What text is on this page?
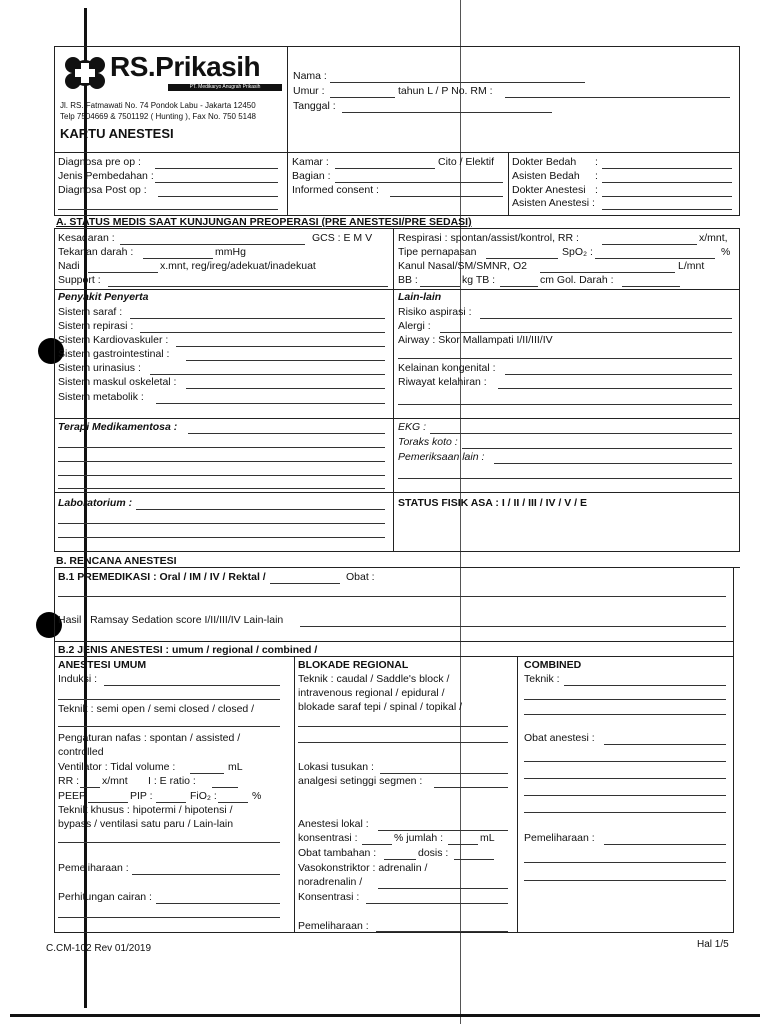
RS.Prikasih
PT. Medikaryo Anugrah Prikasih
Jl. RS. Fatmawati No. 74 Pondok Labu - Jakarta 12450
Telp 7504669 & 7501192 ( Hunting ), Fax No. 750 5148
KARTU ANESTESI
Nama :
Umur :	tahun L / P No. RM :
Tanggal :
Diagnosa pre op :
Jenis Pembedahan :
Diagnosa Post op :
Kamar :	Cito / Elektif
Bagian :
Informed consent :
Dokter Bedah :
Asisten Bedah :
Dokter Anestesi :
Asisten Anestesi :
A. STATUS MEDIS SAAT KUNJUNGAN PREOPERASI (PRE ANESTESI/PRE SEDASI)
Kesadaran :	GCS : E M V
Tekanan darah :	mmHg
Nadi	x.mnt, reg/ireg/adekuat/inadekuat
Support :
Respirasi : spontan/assist/kontrol, RR :	x/mnt,
Tipe pernapasan	SpO₂ :	%
Kanul Nasal/SM/SMNR, O2	L/mnt
BB :	kg TB :	cm Gol. Darah :
Penyakit Penyerta
Sistem saraf :
Sistem repirasi :
Sistem Kardiovaskuler :
Sistem gastrointestinal :
Sistem urinasius :
Sistem maskul oskeletal :
Sistem metabolik :
Lain-lain
Risiko aspirasi :
Alergi :
Airway : Skor Mallampati I/II/III/IV
Kelainan kongenital :
Riwayat kelahiran :
Terapi Medikamentosa :	EKG :
Toraks koto :
Pemeriksaan lain :
Laboratorium :	STATUS FISIK ASA : I / II / III / IV / V / E
B. RENCANA ANESTESI
B.1 PREMEDIKASI : Oral / IM / IV / Rektal /	Obat :
Hasil : Ramsay Sedation score I/II/III/IV Lain-lain
B.2 JENIS ANESTESI : umum / regional / combined /
ANESTESI UMUM
Induksi :
Teknik : semi open / semi closed / closed /
Pengaturan nafas : spontan / assisted /
controlled
Ventilator : Tidal volume :	mL
RR : x/mnt I : E ratio :
PEEP	PIP :	FiO₂ :	%
Teknik khusus : hipotermi / hipotensi /
bypass / ventilasi satu paru / Lain-lain
Pemeliharaan :
Perhitungan cairan :
BLOKADE REGIONAL
Teknik : caudal / Saddle's block /
intravenous regional / epidural /
blokade saraf tepi / spinal / topikal /
Lokasi tusukan :
analgesi setinggi segmen :
Anestesi lokal :
konsentrasi :	% jumlah :	mL
Obat tambahan :	dosis :
Vasokonstriktor : adrenalin /
noradrenalin /
Konsentrasi :
Pemeliharaan :
COMBINED
Teknik :
Obat anestesi :
Pemeliharaan :
C.CM-102 Rev 01/2019	Hal 1/5
